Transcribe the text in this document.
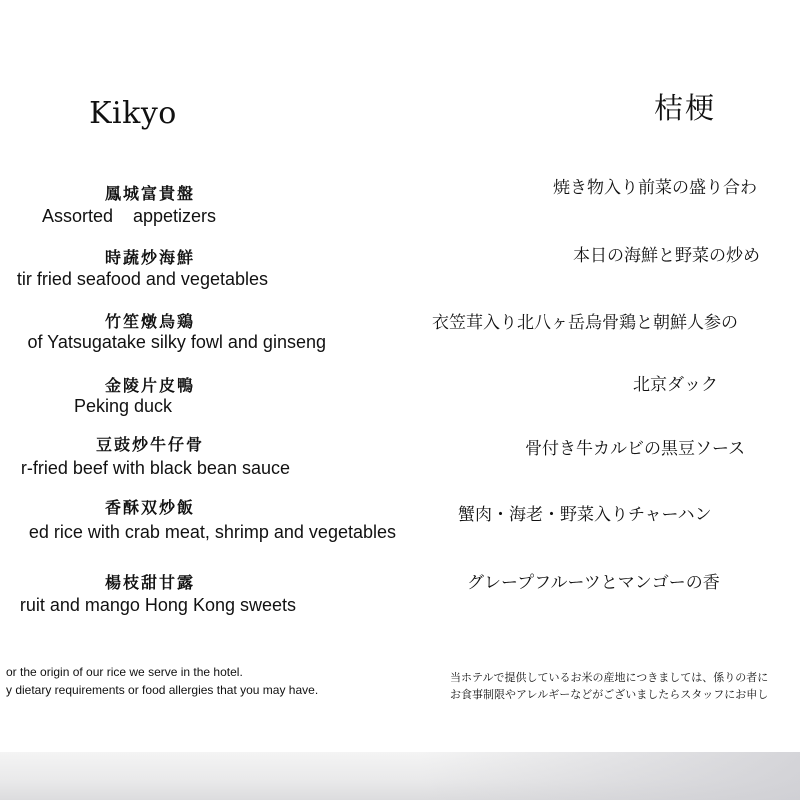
Kikyo	桔梗
鳳城富貴盤
Assorted    appetizers
焼き物入り前菜の盛り合わ
時蔬炒海鮮
tir fried seafood and vegetables
本日の海鮮と野菜の炒め
竹笙燉烏鶏
of Yatsugatake silky fowl and ginseng
衣笠茸入り北八ヶ岳烏骨鶏と朝鮮人参の
金陵片皮鴨
Peking duck
北京ダック
豆豉炒牛仔骨
r-fried beef with black bean sauce
骨付き牛カルビの黒豆ソース
香酥双炒飯
ed rice with crab meat, shrimp and vegetables
蟹肉・海老・野菜入りチャーハン
楊枝甜甘露
ruit and mango Hong Kong sweets
グレープフルーツとマンゴーの香
or the origin of our rice we serve in the hotel.
y dietary requirements or food allergies that you may have.
当ホテルで提供しているお米の産地につきましては、係りの者に
お食事制限やアレルギーなどがございましたらスタッフにお申し
